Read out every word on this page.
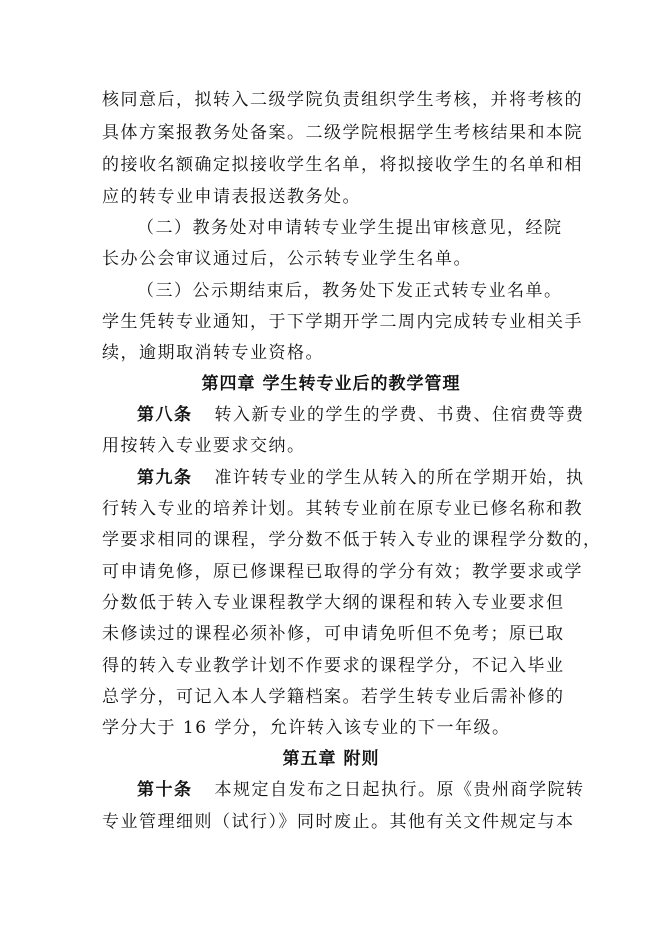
核同意后，拟转入二级学院负责组织学生考核，并将考核的
具体方案报教务处备案。二级学院根据学生考核结果和本院
的接收名额确定拟接收学生名单，将拟接收学生的名单和相
应的转专业申请表报送教务处。
（二）教务处对申请转专业学生提出审核意见，经院
长办公会审议通过后，公示转专业学生名单。
（三）公示期结束后，教务处下发正式转专业名单。
学生凭转专业通知，于下学期开学二周内完成转专业相关手
续，逾期取消转专业资格。
第四章 学生转专业后的教学管理
第八条 转入新专业的学生的学费、书费、住宿费等费
用按转入专业要求交纳。
第九条 准许转专业的学生从转入的所在学期开始，执
行转入专业的培养计划。其转专业前在原专业已修名称和教
学要求相同的课程，学分数不低于转入专业的课程学分数的，
可申请免修，原已修课程已取得的学分有效；教学要求或学
分数低于转入专业课程教学大纲的课程和转入专业要求但
未修读过的课程必须补修，可申请免听但不免考；原已取
得的转入专业教学计划不作要求的课程学分，不记入毕业
总学分，可记入本人学籍档案。若学生转专业后需补修的
学分大于 16 学分，允许转入该专业的下一年级。
第五章 附则
第十条 本规定自发布之日起执行。原《贵州商学院转
专业管理细则（试行）》同时废止。其他有关文件规定与本
